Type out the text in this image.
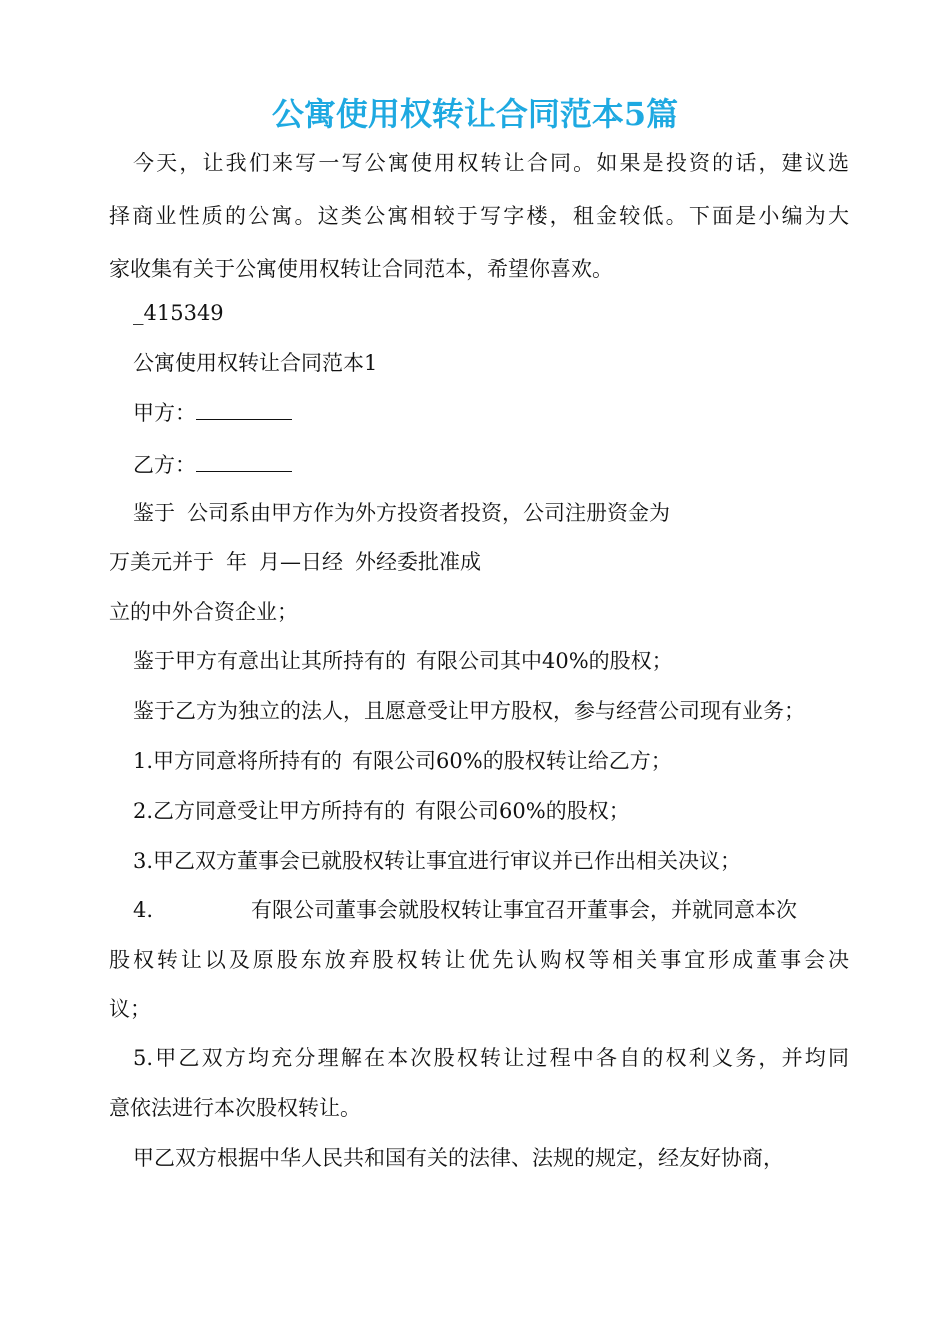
公寓使用权转让合同范本5篇
今天，让我们来写一写公寓使用权转让合同。如果是投资的话，建议选
择商业性质的公寓。这类公寓相较于写字楼，租金较低。下面是小编为大
家收集有关于公寓使用权转让合同范本，希望你喜欢。
_415349
公寓使用权转让合同范本1
甲方：
乙方：
鉴于 公司系由甲方作为外方投资者投资，公司注册资金为
万美元并于 年 月—日经 外经委批准成
立的中外合资企业；
鉴于甲方有意出让其所持有的 有限公司其中40%的股权；
鉴于乙方为独立的法人，且愿意受让甲方股权，参与经营公司现有业务；
1.甲方同意将所持有的 有限公司60%的股权转让给乙方；
2.乙方同意受让甲方所持有的 有限公司60%的股权；
3.甲乙双方董事会已就股权转让事宜进行审议并已作出相关决议；
4.	有限公司董事会就股权转让事宜召开董事会，并就同意本次
股权转让以及原股东放弃股权转让优先认购权等相关事宜形成董事会决
议；
5.甲乙双方均充分理解在本次股权转让过程中各自的权利义务，并均同
意依法进行本次股权转让。
甲乙双方根据中华人民共和国有关的法律、法规的规定，经友好协商，
